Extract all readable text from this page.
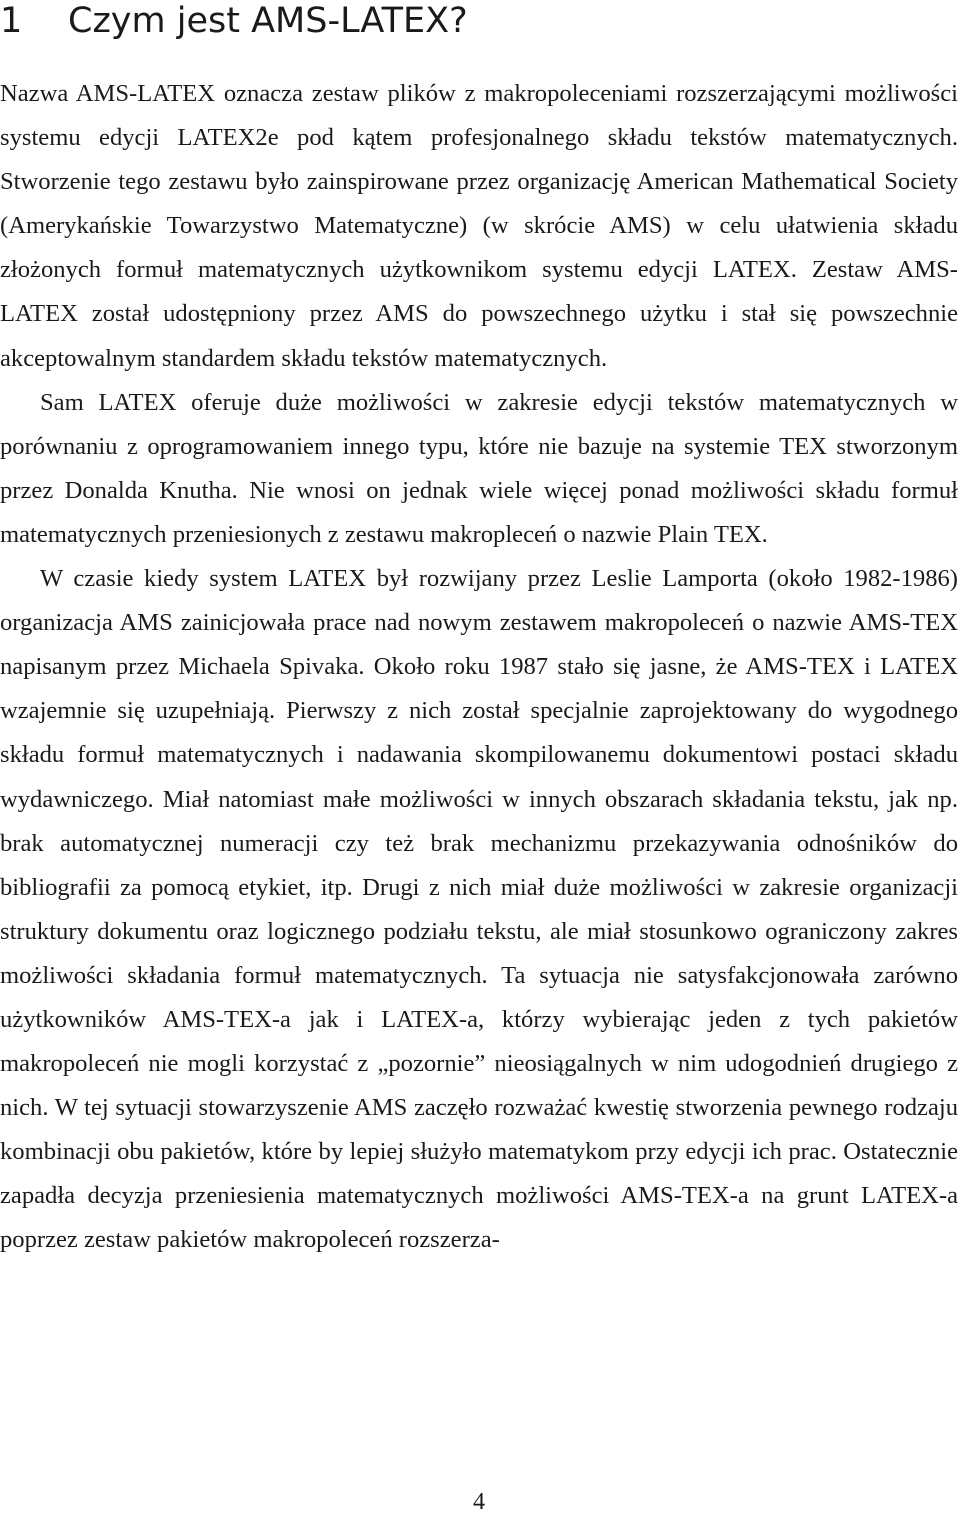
1 Czym jest AMS-LATEX?

Nazwa AMS-LATEX oznacza zestaw plików z makropoleceniami rozszerzającymi możliwości systemu edycji LATEX2e pod kątem profesjonalnego składu tekstów matematycznych. Stworzenie tego zestawu było zainspirowane przez organizację American Mathematical Society (Amerykańskie Towarzystwo Matematyczne) (w skrócie AMS) w celu ułatwienia składu złożonych formuł matematycznych użytkownikom systemu edycji LATEX. Zestaw AMS-LATEX został udostępniony przez AMS do powszechnego użytku i stał się powszechnie akceptowalnym standardem składu tekstów matematycznych.

Sam LATEX oferuje duże możliwości w zakresie edycji tekstów matematycznych w porównaniu z oprogramowaniem innego typu, które nie bazuje na systemie TEX stworzonym przez Donalda Knutha. Nie wnosi on jednak wiele więcej ponad możliwości składu formuł matematycznych przeniesionych z zestawu makropleceń o nazwie Plain TEX.

W czasie kiedy system LATEX był rozwijany przez Leslie Lamporta (około 1982-1986) organizacja AMS zainicjowała prace nad nowym zestawem makropoleceń o nazwie AMS-TEX napisanym przez Michaela Spivaka. Około roku 1987 stało się jasne, że AMS-TEX i LATEX wzajemnie się uzupełniają. Pierwszy z nich został specjalnie zaprojektowany do wygodnego składu formuł matematycznych i nadawania skompilowanemu dokumentowi postaci składu wydawniczego. Miał natomiast małe możliwości w innych obszarach składania tekstu, jak np. brak automatycznej numeracji czy też brak mechanizmu przekazywania odnośników do bibliografii za pomocą etykiet, itp. Drugi z nich miał duże możliwości w zakresie organizacji struktury dokumentu oraz logicznego podziału tekstu, ale miał stosunkowo ograniczony zakres możliwości składania formuł matematycznych. Ta sytuacja nie satysfakcjonowała zarówno użytkowników AMS-TEX-a jak i LATEX-a, którzy wybierając jeden z tych pakietów makropoleceń nie mogli korzystać z „pozornie” nieosiągalnych w nim udogodnień drugiego z nich. W tej sytuacji stowarzyszenie AMS zaczęło rozważać kwestię stworzenia pewnego rodzaju kombinacji obu pakietów, które by lepiej służyło matematykom przy edycji ich prac. Ostatecznie zapadła decyzja przeniesienia matematycznych możliwości AMS-TEX-a na grunt LATEX-a poprzez zestaw pakietów makropoleceń rozszerza-

4
